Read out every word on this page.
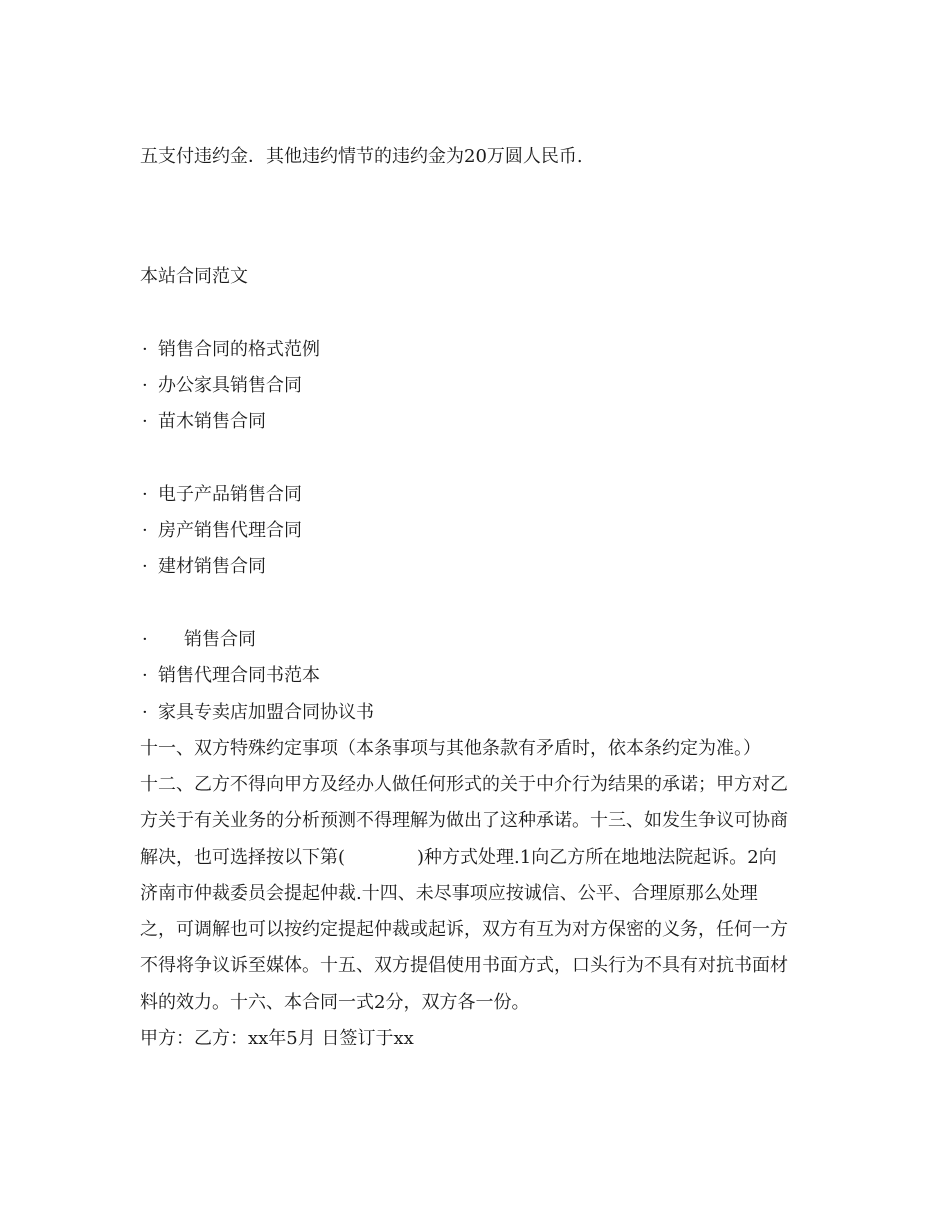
五支付违约金．其他违约情节的违约金为20万圆人民币.
本站合同范文
· 销售合同的格式范例
· 办公家具销售合同
· 苗木销售合同
· 电子产品销售合同
· 房产销售代理合同
· 建材销售合同
· 销售合同
· 销售代理合同书范本
· 家具专卖店加盟合同协议书
十一、双方特殊约定事项（本条事项与其他条款有矛盾时，依本条约定为准。）
十二、乙方不得向甲方及经办人做任何形式的关于中介行为结果的承诺；甲方对乙
方关于有关业务的分析预测不得理解为做出了这种承诺。十三、如发生争议可协商
解决，也可选择按以下第(　　　　)种方式处理.1向乙方所在地地法院起诉。2向
济南市仲裁委员会提起仲裁.十四、未尽事项应按诚信、公平、合理原那么处理
之，可调解也可以按约定提起仲裁或起诉，双方有互为对方保密的义务，任何一方
不得将争议诉至媒体。十五、双方提倡使用书面方式，口头行为不具有对抗书面材
料的效力。十六、本合同一式2分，双方各一份。
甲方：乙方：xx年5月 日签订于xx
